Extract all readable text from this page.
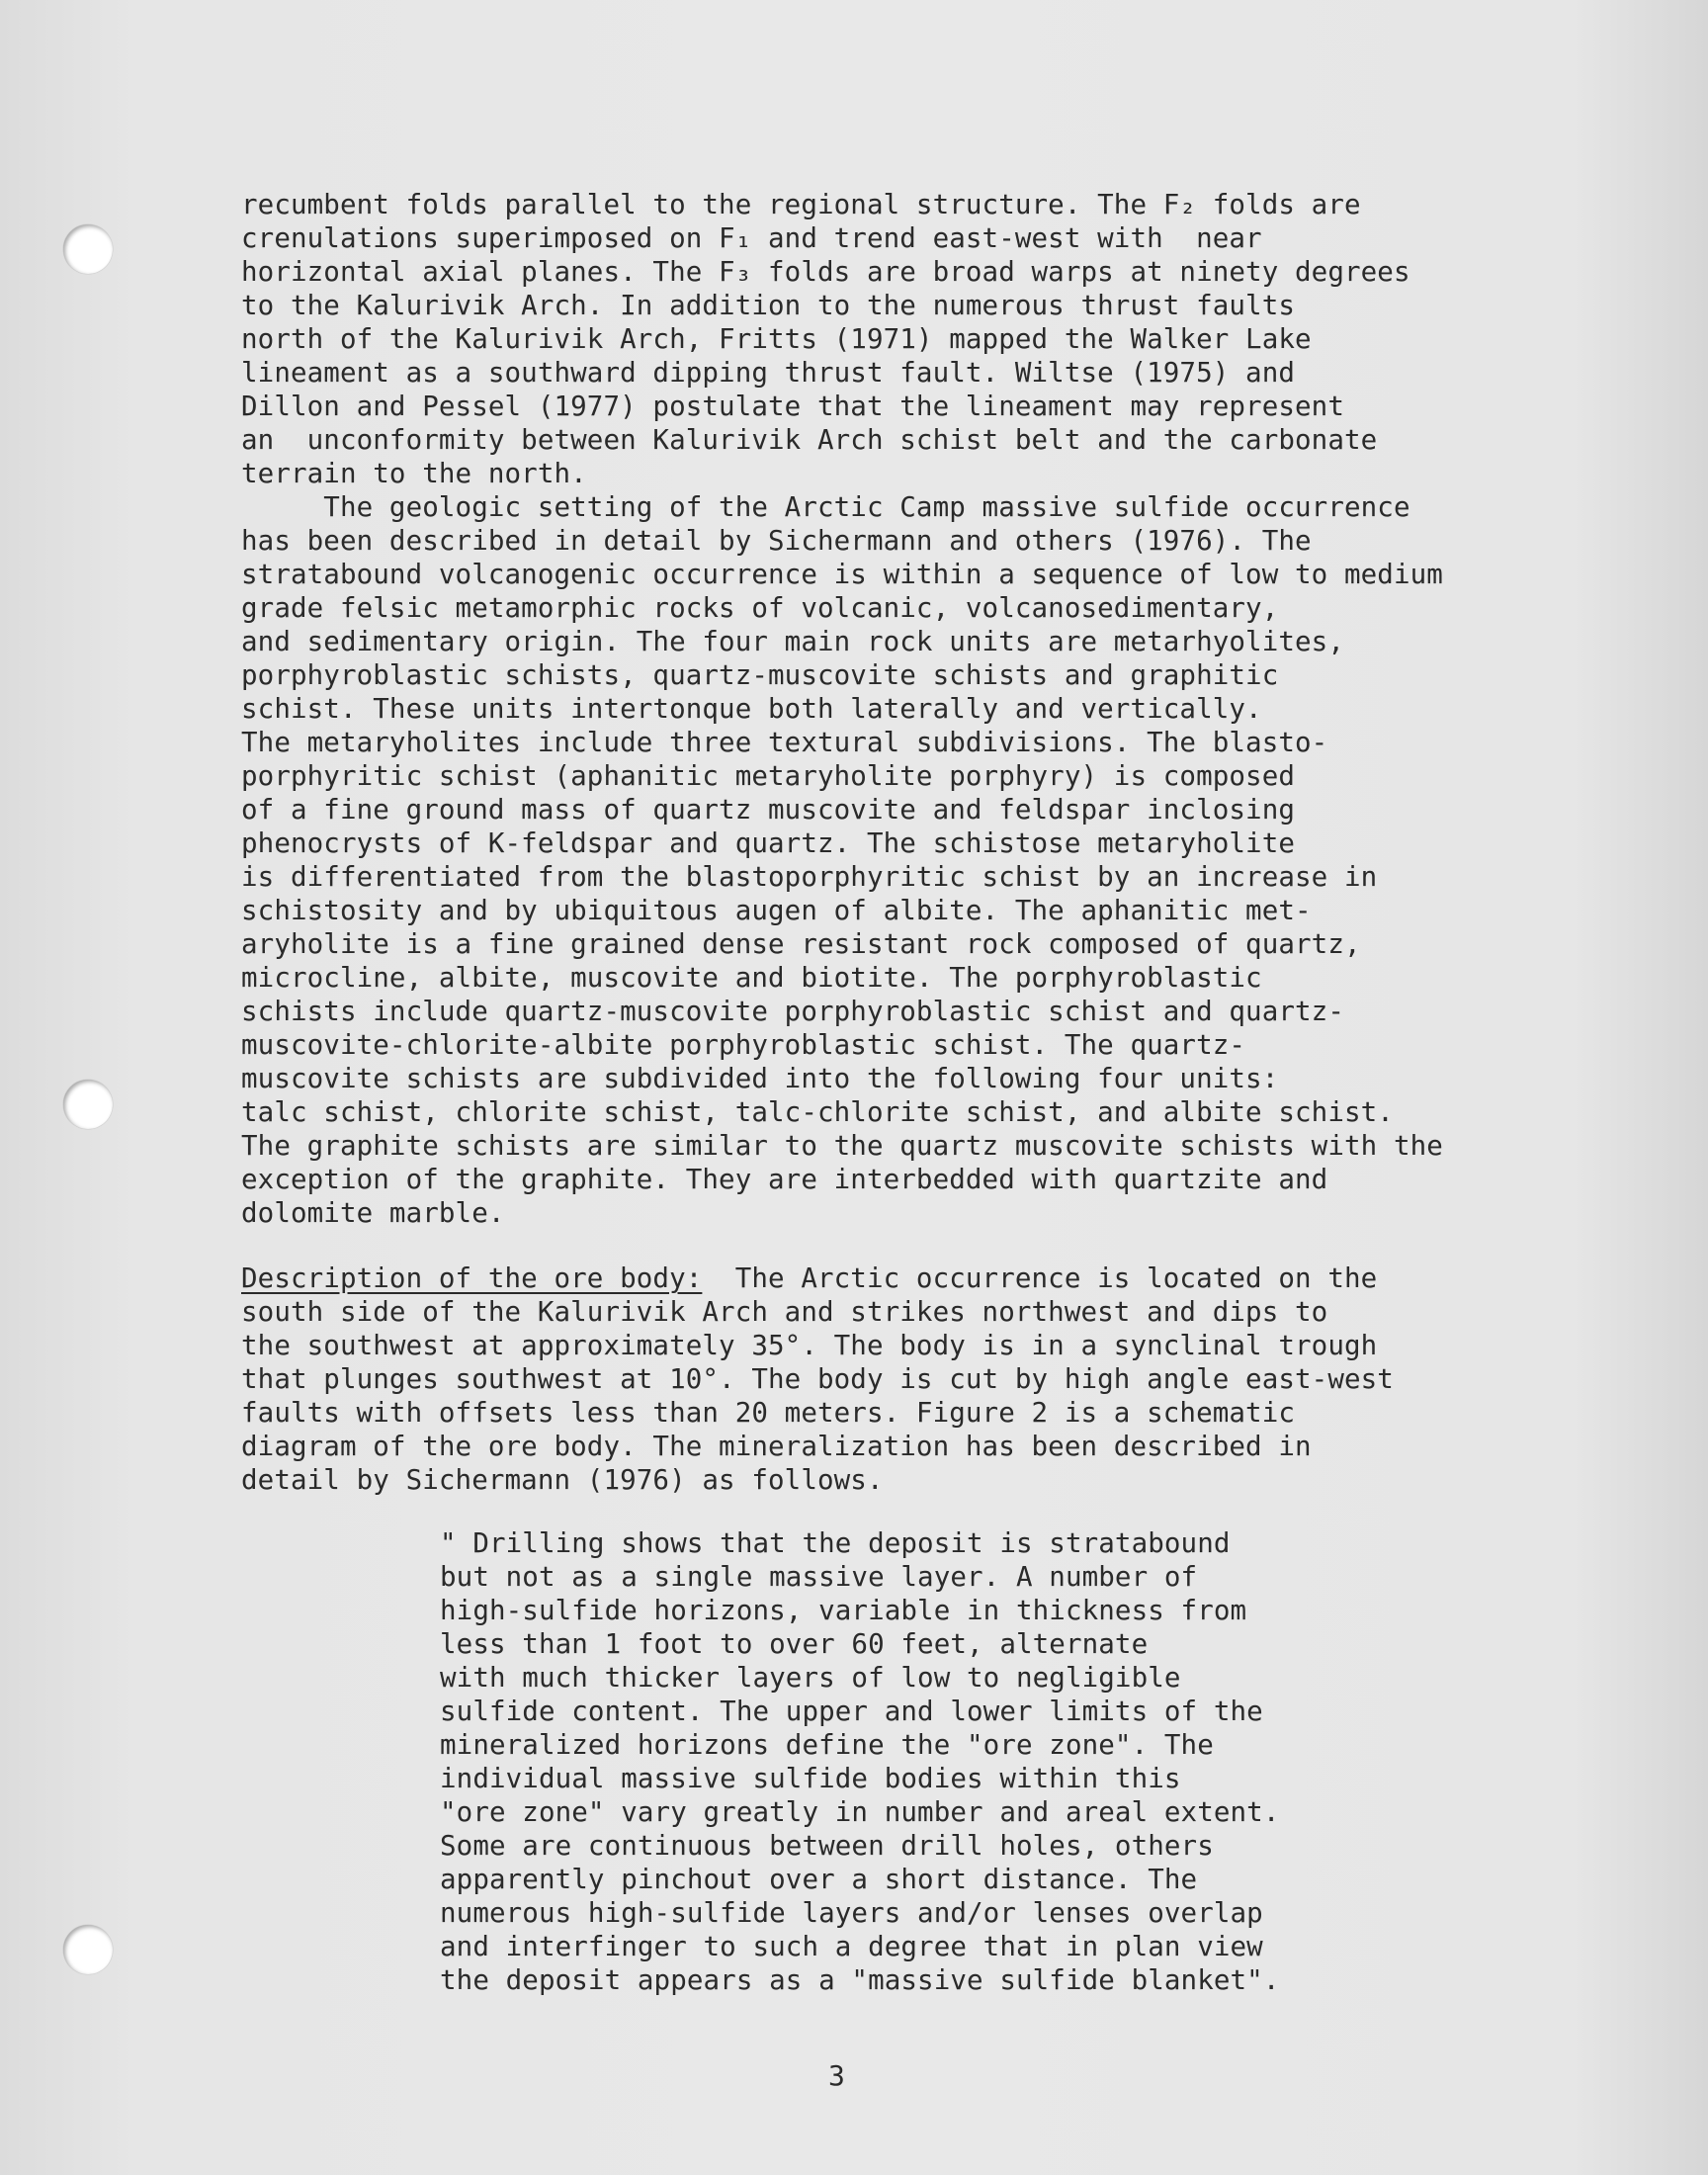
recumbent folds parallel to the regional structure. The F₂ folds are
crenulations superimposed on F₁ and trend east-west with  near
horizontal axial planes. The F₃ folds are broad warps at ninety degrees
to the Kalurivik Arch. In addition to the numerous thrust faults
north of the Kalurivik Arch, Fritts (1971) mapped the Walker Lake
lineament as a southward dipping thrust fault. Wiltse (1975) and
Dillon and Pessel (1977) postulate that the lineament may represent
an  unconformity between Kalurivik Arch schist belt and the carbonate
terrain to the north.
The geologic setting of the Arctic Camp massive sulfide occurrence
has been described in detail by Sichermann and others (1976). The
stratabound volcanogenic occurrence is within a sequence of low to medium
grade felsic metamorphic rocks of volcanic, volcanosedimentary,
and sedimentary origin. The four main rock units are metarhyolites,
porphyroblastic schists, quartz-muscovite schists and graphitic
schist. These units intertonque both laterally and vertically.
The metaryholites include three textural subdivisions. The blasto-
porphyritic schist (aphanitic metaryholite porphyry) is composed
of a fine ground mass of quartz muscovite and feldspar inclosing
phenocrysts of K-feldspar and quartz. The schistose metaryholite
is differentiated from the blastoporphyritic schist by an increase in
schistosity and by ubiquitous augen of albite. The aphanitic met-
aryholite is a fine grained dense resistant rock composed of quartz,
microcline, albite, muscovite and biotite. The porphyroblastic
schists include quartz-muscovite porphyroblastic schist and quartz-
muscovite-chlorite-albite porphyroblastic schist. The quartz-
muscovite schists are subdivided into the following four units:
talc schist, chlorite schist, talc-chlorite schist, and albite schist.
The graphite schists are similar to the quartz muscovite schists with the
exception of the graphite. They are interbedded with quartzite and
dolomite marble.
Description of the ore body:  The Arctic occurrence is located on the
south side of the Kalurivik Arch and strikes northwest and dips to
the southwest at approximately 35°. The body is in a synclinal trough
that plunges southwest at 10°. The body is cut by high angle east-west
faults with offsets less than 20 meters. Figure 2 is a schematic
diagram of the ore body. The mineralization has been described in
detail by Sichermann (1976) as follows.
" Drilling shows that the deposit is stratabound
but not as a single massive layer. A number of
high-sulfide horizons, variable in thickness from
less than 1 foot to over 60 feet, alternate
with much thicker layers of low to negligible
sulfide content. The upper and lower limits of the
mineralized horizons define the "ore zone". The
individual massive sulfide bodies within this
"ore zone" vary greatly in number and areal extent.
Some are continuous between drill holes, others
apparently pinchout over a short distance. The
numerous high-sulfide layers and/or lenses overlap
and interfinger to such a degree that in plan view
the deposit appears as a "massive sulfide blanket".
3
